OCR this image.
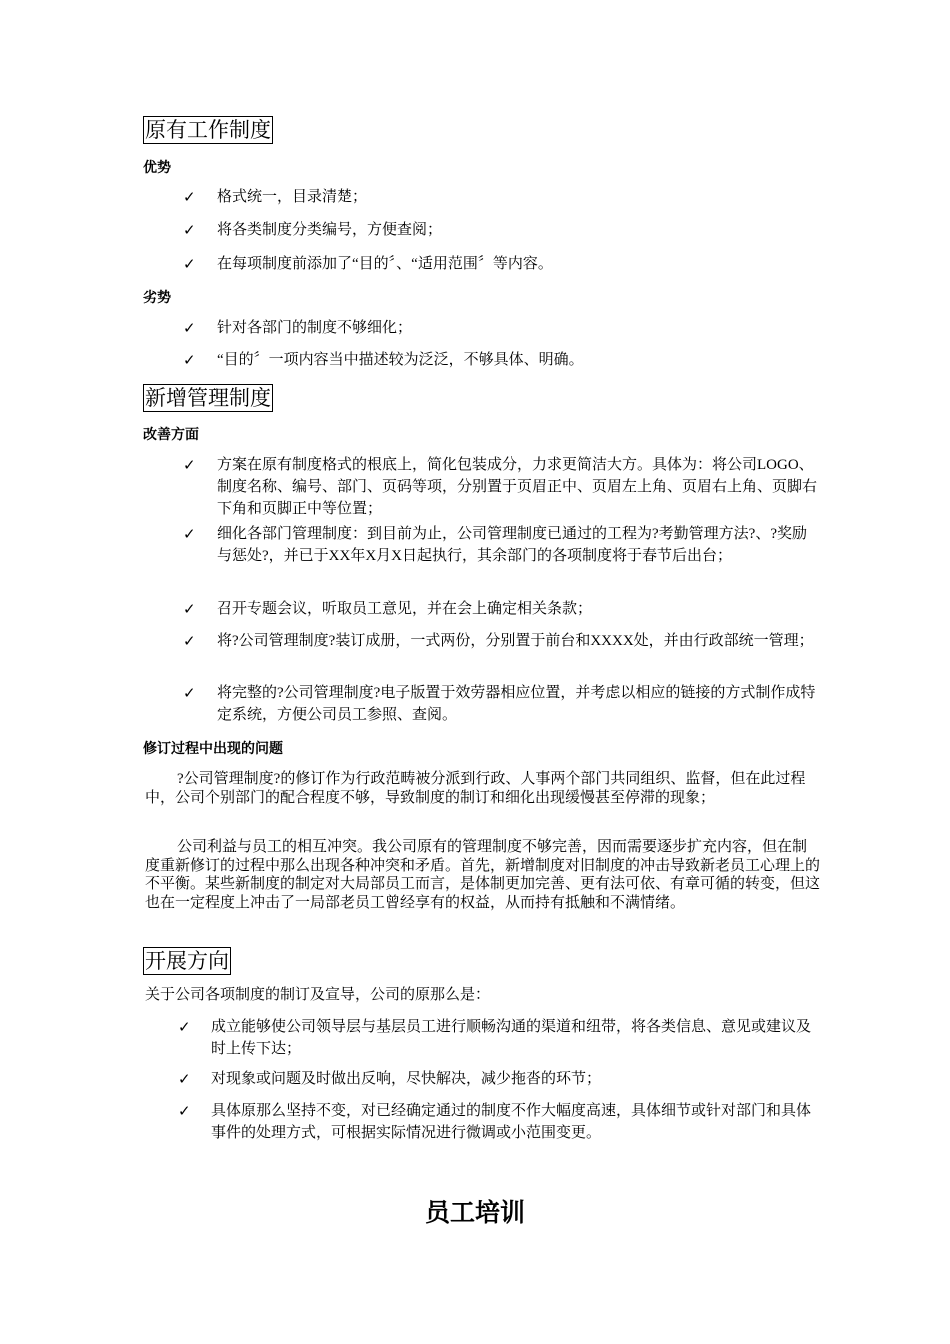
原有工作制度
优势
✓ 格式统一，目录清楚；
✓ 将各类制度分类编号，方便查阅；
✓ 在每项制度前添加了“目的〞、“适用范围〞等内容。
劣势
✓ 针对各部门的制度不够细化；
✓ “目的〞一项内容当中描述较为泛泛，不够具体、明确。
新增管理制度
改善方面
✓ 方案在原有制度格式的根底上，简化包装成分，力求更简洁大方。具体为：将公司LOGO、制度名称、编号、部门、页码等项，分别置于页眉正中、页眉左上角、页眉右上角、页脚右下角和页脚正中等位置；
✓ 细化各部门管理制度：到目前为止，公司管理制度已通过的工程为?考勤管理方法?、?奖励与惩处?，并已于XX年X月X日起执行，其余部门的各项制度将于春节后出台；
✓ 召开专题会议，听取员工意见，并在会上确定相关条款；
✓ 将?公司管理制度?装订成册，一式两份，分别置于前台和XXXX处，并由行政部统一管理；
✓ 将完整的?公司管理制度?电子版置于效劳器相应位置，并考虑以相应的链接的方式制作成特定系统，方便公司员工参照、查阅。
修订过程中出现的问题
?公司管理制度?的修订作为行政范畴被分派到行政、人事两个部门共同组织、监督，但在此过程中，公司个别部门的配合程度不够，导致制度的制订和细化出现缓慢甚至停滞的现象；
公司利益与员工的相互冲突。我公司原有的管理制度不够完善，因而需要逐步扩充内容，但在制度重新修订的过程中那么出现各种冲突和矛盾。首先，新增制度对旧制度的冲击导致新老员工心理上的不平衡。某些新制度的制定对大局部员工而言，是体制更加完善、更有法可依、有章可循的转变，但这也在一定程度上冲击了一局部老员工曾经享有的权益，从而持有抵触和不满情绪。
开展方向
关于公司各项制度的制订及宣导，公司的原那么是：
✓ 成立能够使公司领导层与基层员工进行顺畅沟通的渠道和纽带，将各类信息、意见或建议及时上传下达；
✓ 对现象或问题及时做出反响，尽快解决，减少拖沓的环节；
✓ 具体原那么坚持不变，对已经确定通过的制度不作大幅度高速，具体细节或针对部门和具体事件的处理方式，可根据实际情况进行微调或小范围变更。
员工培训
